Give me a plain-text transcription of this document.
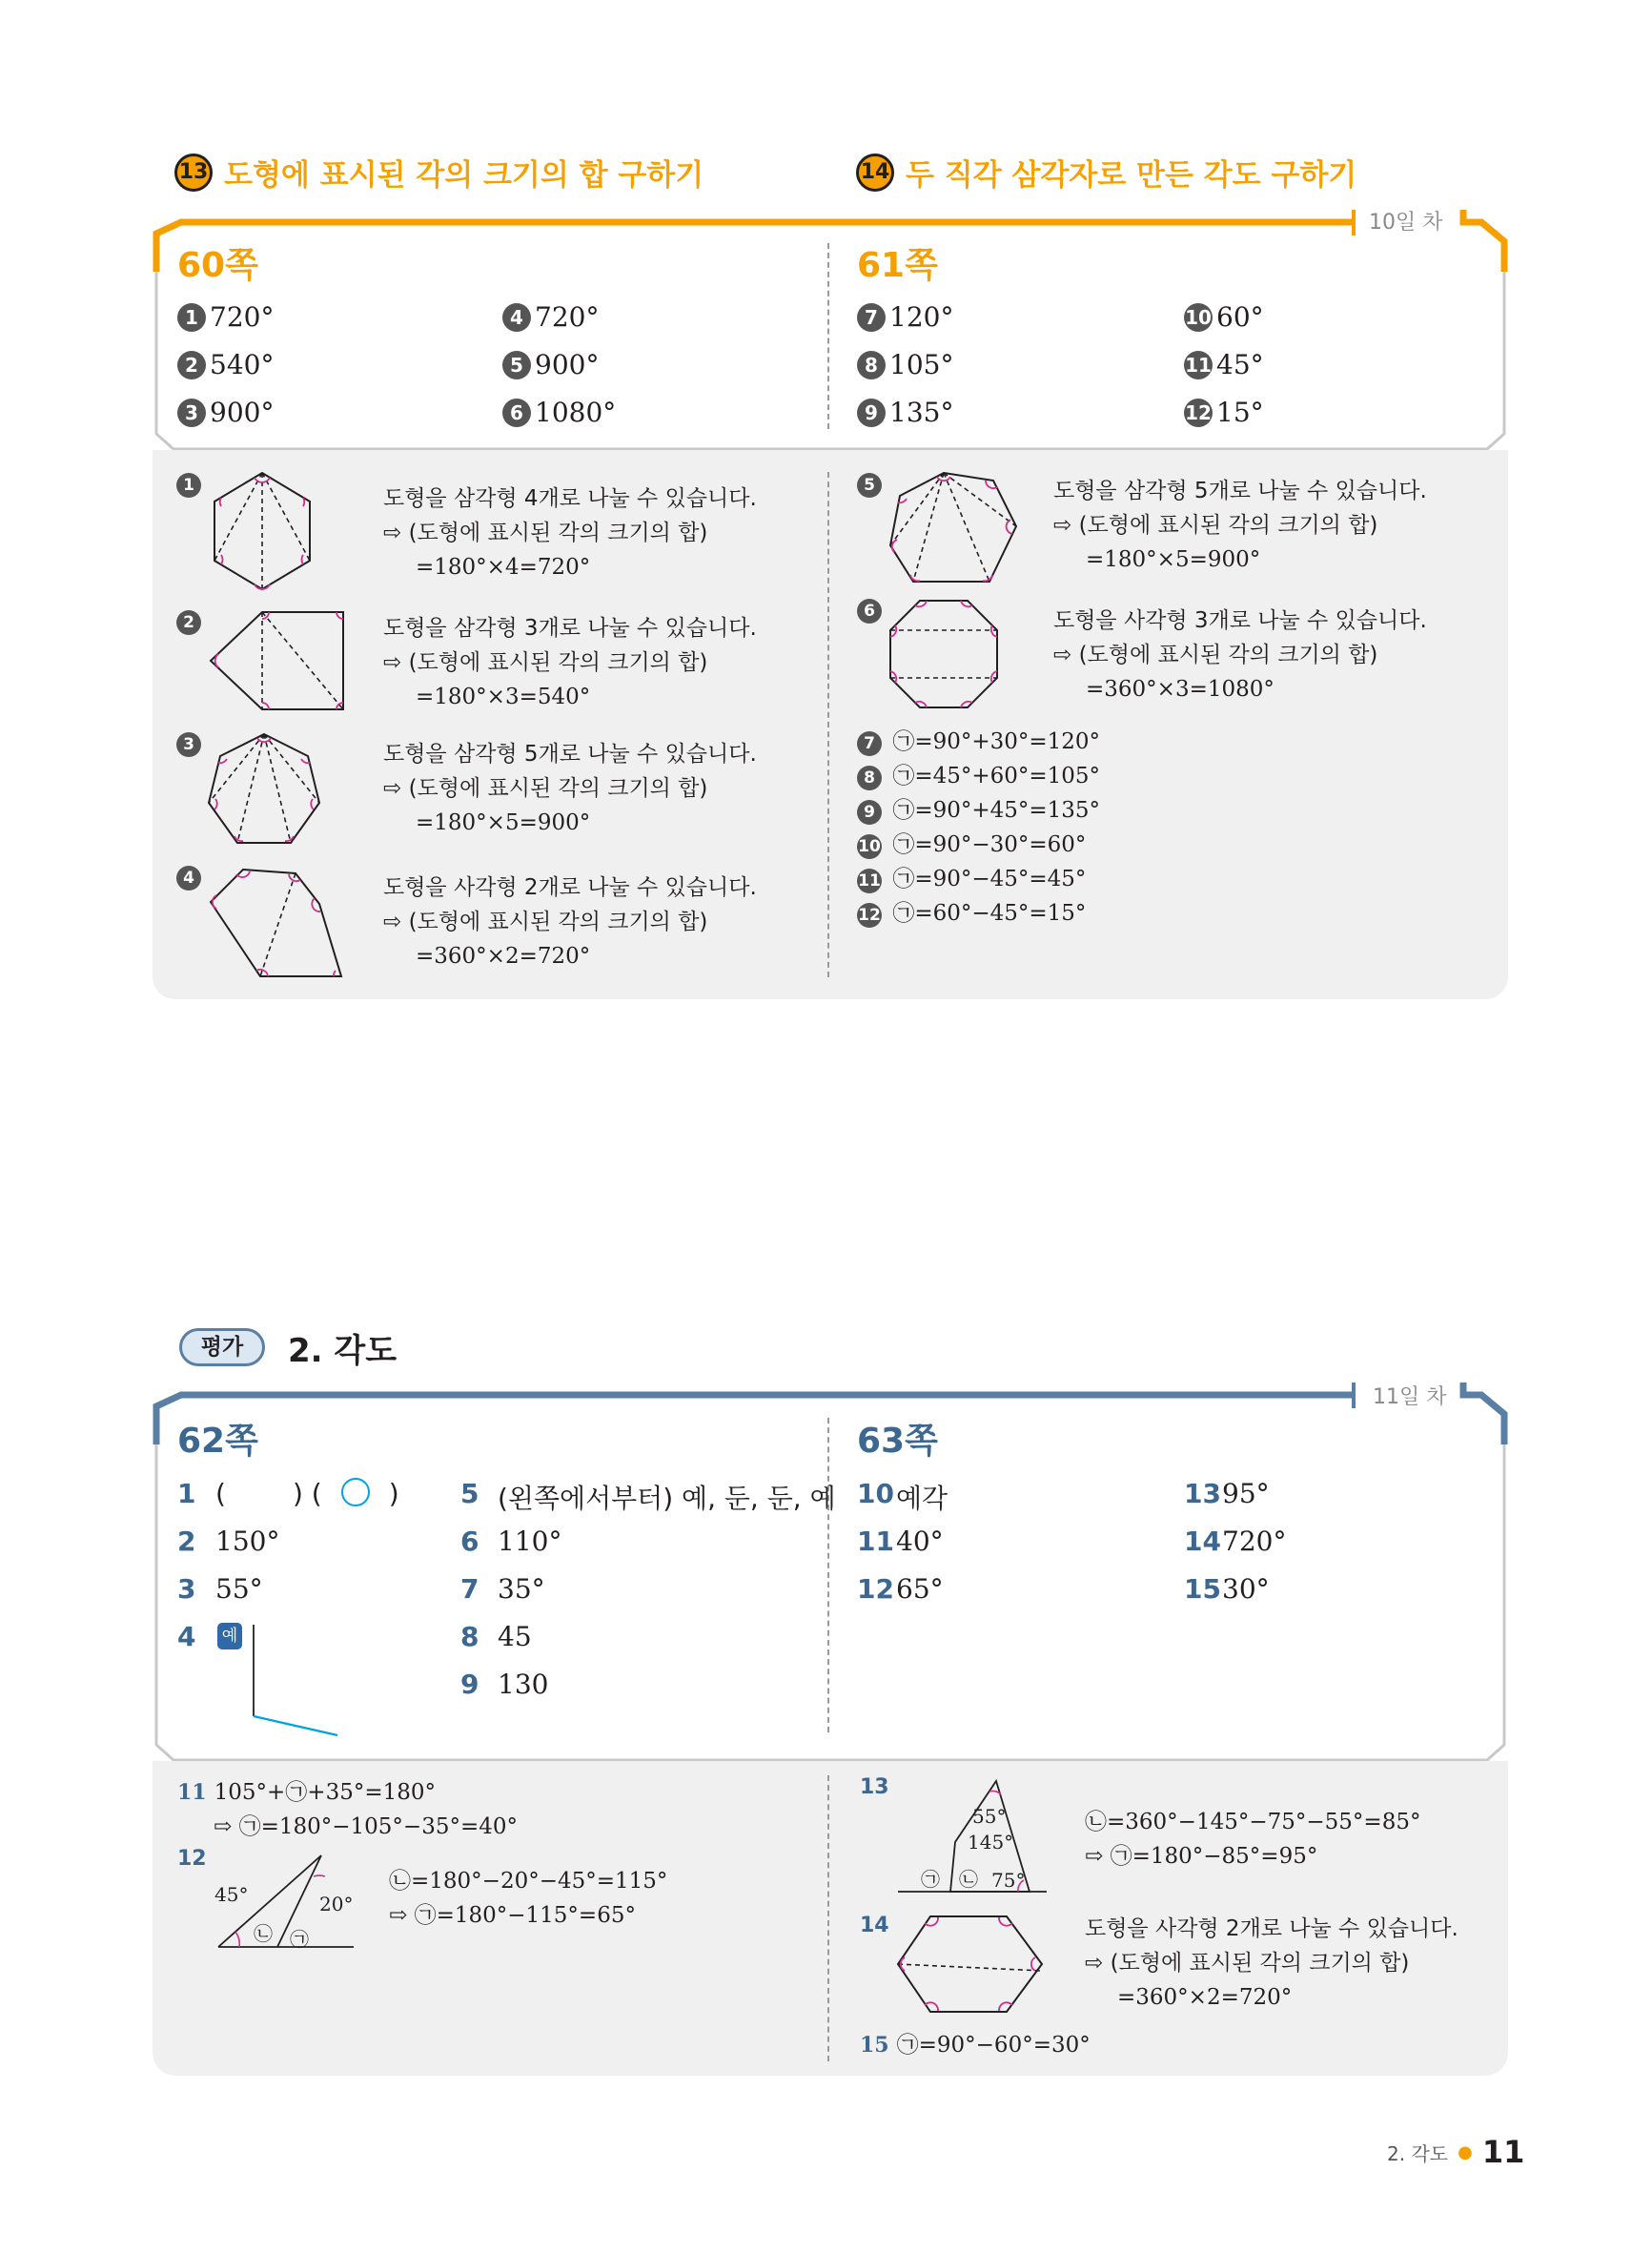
13 도형에 표시된 각의 크기의 합 구하기	14 두 직각 삼각자로 만든 각도 구하기
10일 차
60쪽	61쪽
1 720°
2 540°
3 900°
4 720°
5 900°
6 1080°
7 120°
8 105°
9 135°
10 60°
11 45°
12 15°
1
도형을 삼각형 4개로 나눌 수 있습니다.
⇨ (도형에 표시된 각의 크기의 합)
=180°×4=720°
2	도형을 삼각형 3개로 나눌 수 있습니다.
⇨ (도형에 표시된 각의 크기의 합)
=180°×3=540°
3	도형을 삼각형 5개로 나눌 수 있습니다.
⇨ (도형에 표시된 각의 크기의 합)
=180°×5=900°
4	도형을 사각형 2개로 나눌 수 있습니다.
⇨ (도형에 표시된 각의 크기의 합)
=360°×2=720°
5	도형을 삼각형 5개로 나눌 수 있습니다.
⇨ (도형에 표시된 각의 크기의 합)
=180°×5=900°
6	도형을 사각형 3개로 나눌 수 있습니다.
⇨ (도형에 표시된 각의 크기의 합)
=360°×3=1080°
7 ㉠=90°+30°=120°
8 ㉠=45°+60°=105°
9 ㉠=90°+45°=135°
10 ㉠=90°−30°=60°
11 ㉠=90°−45°=45°
12 ㉠=60°−45°=15°
평가	2. 각도
11일 차
62쪽	63쪽
1 (	) ( ○ )
2 150°
3 55°
4 예
5 (왼쪽에서부터) 예, 둔, 둔, 예
6 110°
7 35°
8 45
9 130
10 예각
11 40°
12 65°
13 95°
14 720°
15 30°
11 105°+㉠+35°=180°
⇨ ㉠=180°−105°−35°=40°
12
45°	20°
㉡ ㉠
㉡=180°−20°−45°=115°
⇨ ㉠=180°−115°=65°
13
55°
145°
75°
㉠ ㉡
㉡=360°−145°−75°−55°=85°
⇨ ㉠=180°−85°=95°
14	도형을 사각형 2개로 나눌 수 있습니다.
⇨ (도형에 표시된 각의 크기의 합)
=360°×2=720°
15 ㉠=90°−60°=30°
2. 각도 ● 11
